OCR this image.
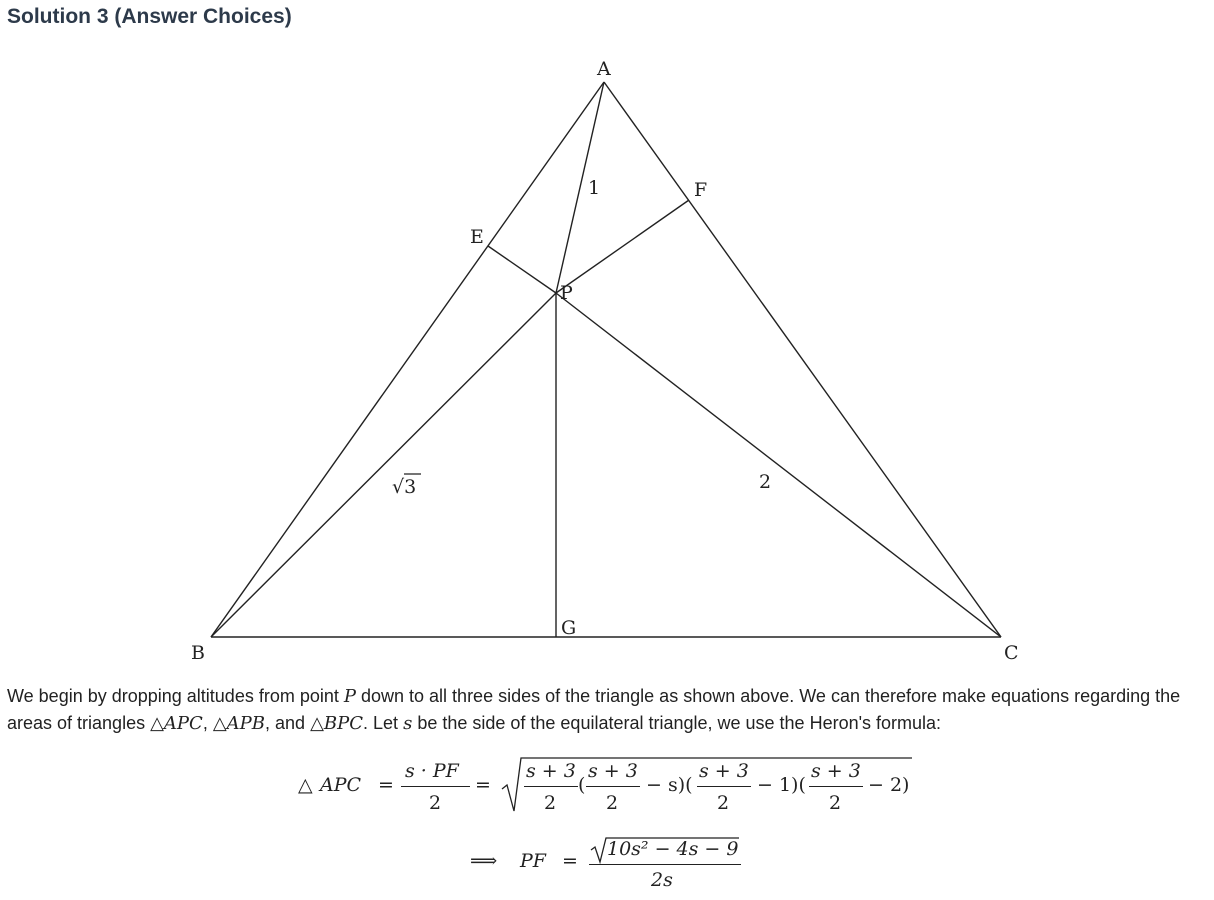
Solution 3 (Answer Choices)
A
B	C
E
F
G
P
1
√3	2

We begin by dropping altitudes from point P down to all three sides of the triangle as shown above. We can therefore make equations regarding the areas of triangles △APC, △APB, and △BPC. Let s be the side of the equilateral triangle, we use the Heron's formula:

△ APC =
s · PF
2
=
s + 3
2
(
s + 3
2
− s)(
s + 3
2
− 1)(
s + 3
2
− 2)
⟹ PF =
10s² − 4s − 9
2s
